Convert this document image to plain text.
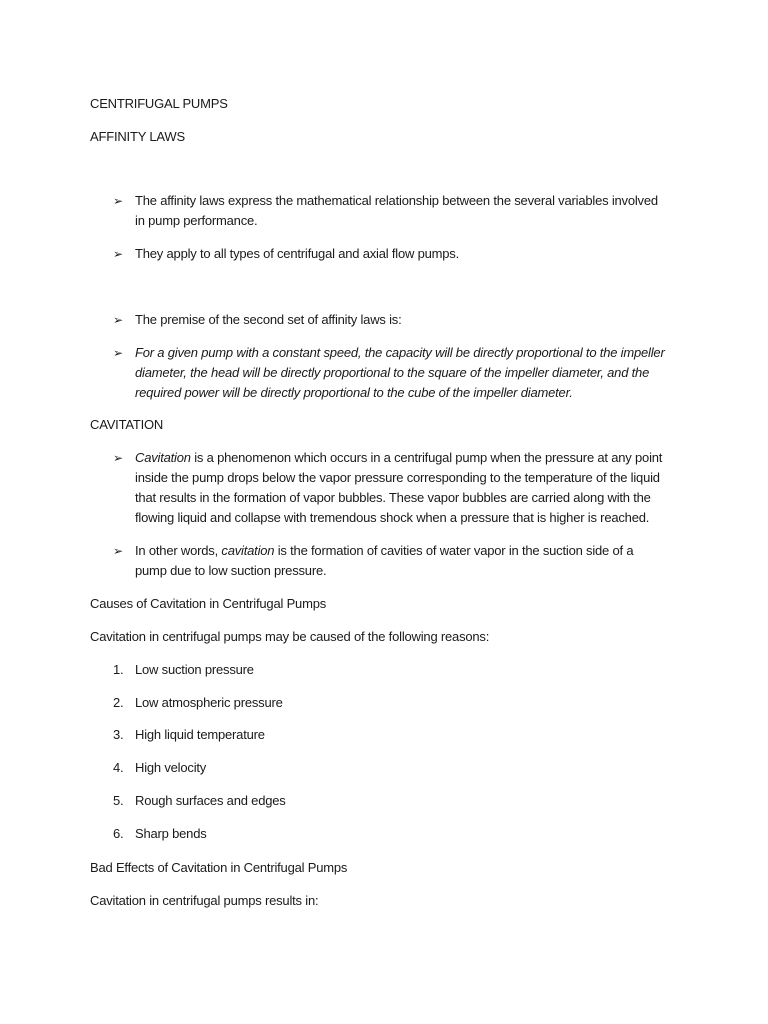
CENTRIFUGAL PUMPS
AFFINITY LAWS
➢ The affinity laws express the mathematical relationship between the several variables involved
in pump performance.
➢ They apply to all types of centrifugal and axial flow pumps.
➢ The premise of the second set of affinity laws is:
➢ For a given pump with a constant speed, the capacity will be directly proportional to the impeller
diameter, the head will be directly proportional to the square of the impeller diameter, and the
required power will be directly proportional to the cube of the impeller diameter.
CAVITATION
➢ Cavitation is a phenomenon which occurs in a centrifugal pump when the pressure at any point
inside the pump drops below the vapor pressure corresponding to the temperature of the liquid
that results in the formation of vapor bubbles. These vapor bubbles are carried along with the
flowing liquid and collapse with tremendous shock when a pressure that is higher is reached.
➢ In other words, cavitation is the formation of cavities of water vapor in the suction side of a
pump due to low suction pressure.
Causes of Cavitation in Centrifugal Pumps
Cavitation in centrifugal pumps may be caused of the following reasons:
1. Low suction pressure
2. Low atmospheric pressure
3. High liquid temperature
4. High velocity
5. Rough surfaces and edges
6. Sharp bends
Bad Effects of Cavitation in Centrifugal Pumps
Cavitation in centrifugal pumps results in:
